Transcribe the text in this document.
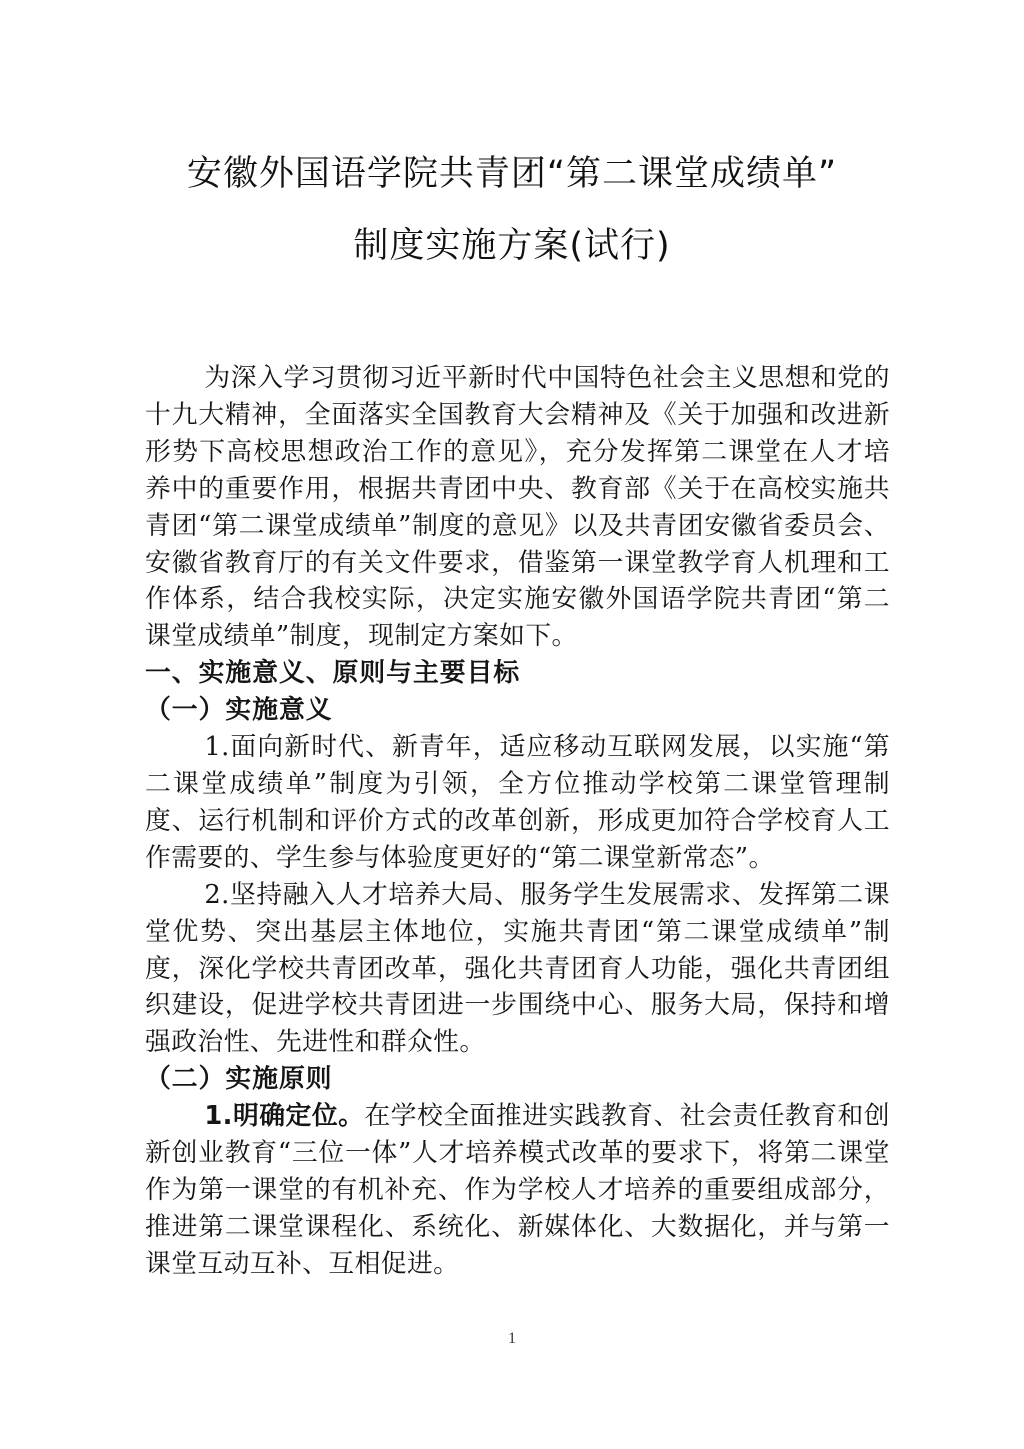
安徽外国语学院共青团“第二课堂成绩单”
制度实施方案(试行)

为深入学习贯彻习近平新时代中国特色社会主义思想和党的十九大精神，全面落实全国教育大会精神及《关于加强和改进新形势下高校思想政治工作的意见》，充分发挥第二课堂在人才培养中的重要作用，根据共青团中央、教育部《关于在高校实施共青团“第二课堂成绩单”制度的意见》以及共青团安徽省委员会、安徽省教育厅的有关文件要求，借鉴第一课堂教学育人机理和工作体系，结合我校实际，决定实施安徽外国语学院共青团“第二课堂成绩单”制度，现制定方案如下。

一、实施意义、原则与主要目标

（一）实施意义

1.面向新时代、新青年，适应移动互联网发展，以实施“第二课堂成绩单”制度为引领，全方位推动学校第二课堂管理制度、运行机制和评价方式的改革创新，形成更加符合学校育人工作需要的、学生参与体验度更好的“第二课堂新常态”。

2.坚持融入人才培养大局、服务学生发展需求、发挥第二课堂优势、突出基层主体地位，实施共青团“第二课堂成绩单”制度，深化学校共青团改革，强化共青团育人功能，强化共青团组织建设，促进学校共青团进一步围绕中心、服务大局，保持和增强政治性、先进性和群众性。

（二）实施原则

1.明确定位。在学校全面推进实践教育、社会责任教育和创新创业教育“三位一体”人才培养模式改革的要求下，将第二课堂作为第一课堂的有机补充、作为学校人才培养的重要组成部分，推进第二课堂课程化、系统化、新媒体化、大数据化，并与第一课堂互动互补、互相促进。

1
